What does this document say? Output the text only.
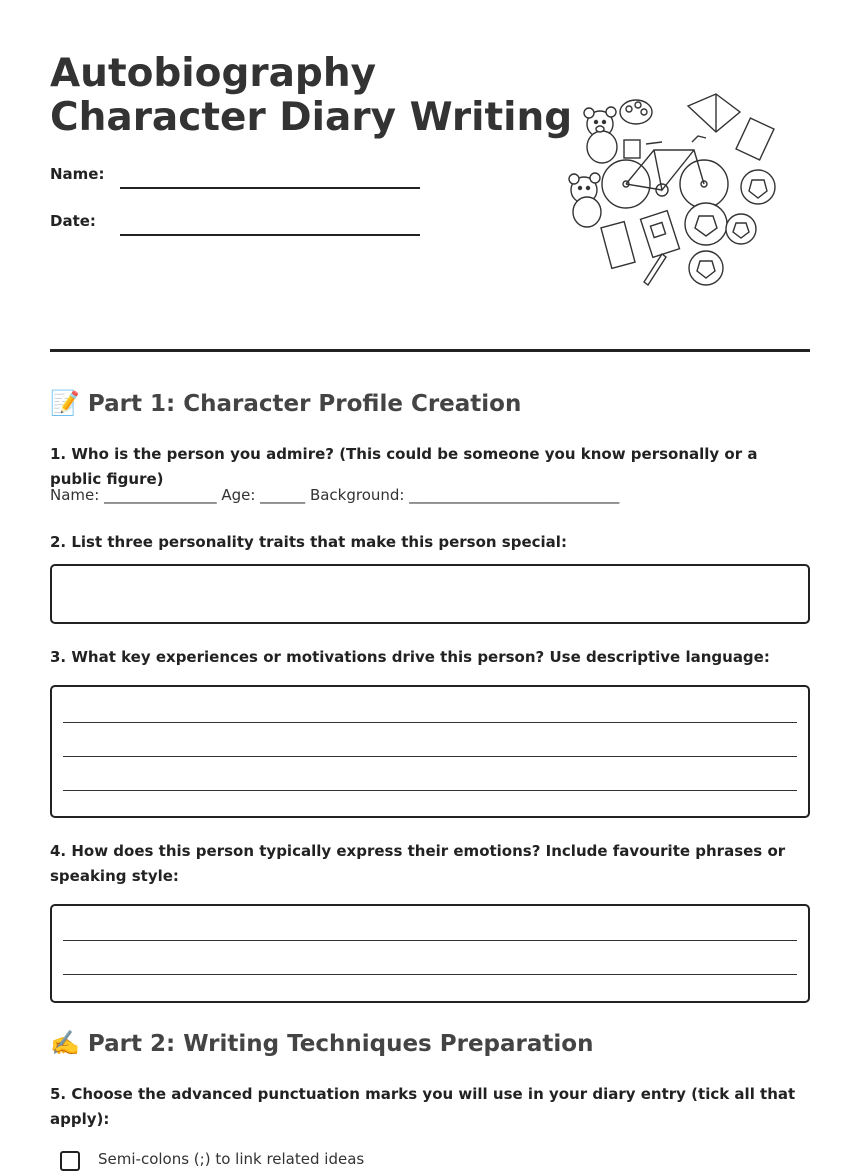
Autobiography
Character Diary Writing
Name:
Date:
📝 Part 1: Character Profile Creation

1. Who is the person you admire? (This could be someone you know personally or a public figure)

Name: _______________ Age: ______ Background: ____________________________

2. List three personality traits that make this person special:

3. What key experiences or motivations drive this person? Use descriptive language:

4. How does this person typically express their emotions? Include favourite phrases or speaking style:

✍️ Part 2: Writing Techniques Preparation

5. Choose the advanced punctuation marks you will use in your diary entry (tick all that apply):

Semi-colons (;) to link related ideas
